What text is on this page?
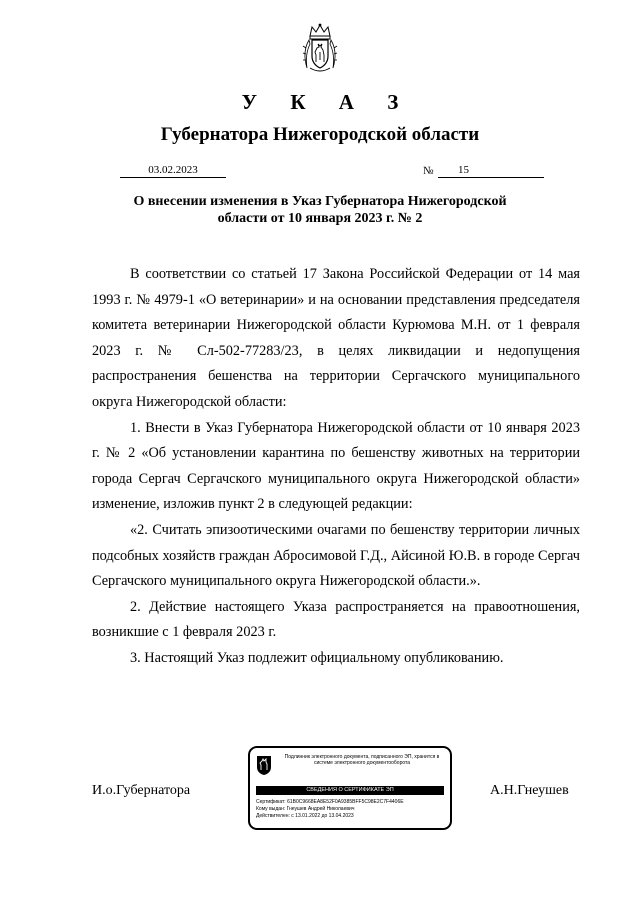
У К А З
Губернатора Нижегородской области
03.02.2023	№	15
О внесении изменения в Указ Губернатора Нижегородской
области от 10 января 2023 г. № 2

В соответствии со статьей 17 Закона Российской Федерации от 14 мая 1993 г. № 4979-1 «О ветеринарии» и на основании представления председателя комитета ветеринарии Нижегородской области Курюмова М.Н. от 1 февраля 2023 г. № Сл-502-77283/23, в целях ликвидации и недопущения распространения бешенства на территории Сергачского муниципального округа Нижегородской области:

1. Внести в Указ Губернатора Нижегородской области от 10 января 2023 г. № 2 «Об установлении карантина по бешенству животных на территории города Сергач Сергачского муниципального округа Нижегородской области» изменение, изложив пункт 2 в следующей редакции:

«2. Считать эпизоотическими очагами по бешенству территории личных подсобных хозяйств граждан Абросимовой Г.Д., Айсиной Ю.В. в городе Сергач Сергачского муниципального округа Нижегородской области.».

2. Действие настоящего Указа распространяется на правоотношения, возникшие с 1 февраля 2023 г.

3. Настоящий Указ подлежит официальному опубликованию.

И.о.Губернатора	А.Н.Гнеушев
Подлинник электронного документа, подписанного ЭП, хранится в системе электронного документооборота
СВЕДЕНИЯ О СЕРТИФИКАТЕ ЭП
Сертификат: 61B0C9668EA8E52F0A9385BFF5C98E2C7F4406E
Кому выдан: Гнеушев Андрей Николаевич
Действителен: с 13.01.2022 до 13.04.2023
